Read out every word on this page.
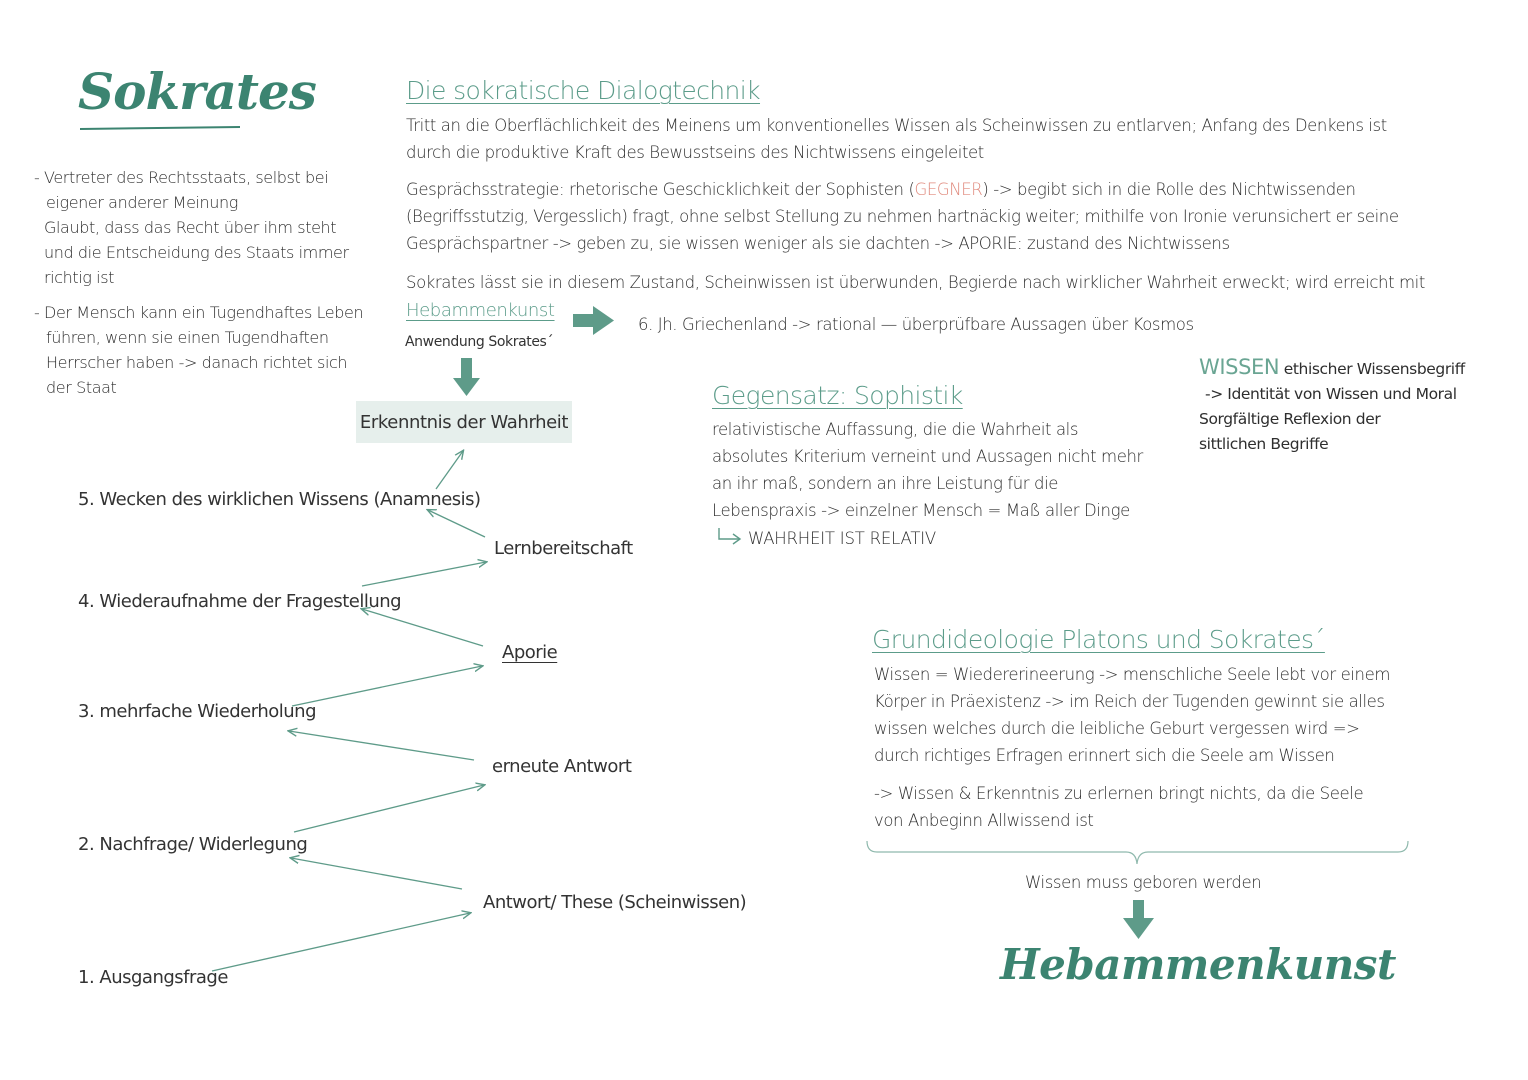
Sokrates
- Vertreter des Rechtsstaats, selbst bei eigener anderer Meinung
Glaubt, dass das Recht über ihm steht und die Entscheidung des Staats immer richtig ist
- Der Mensch kann ein Tugendhaftes Leben führen, wenn sie einen Tugendhaften Herrscher haben -> danach richtet sich der Staat
Die sokratische Dialogtechnik
Tritt an die Oberflächlichkeit des Meinens um konventionelles Wissen als Scheinwissen zu entlarven; Anfang des Denkens ist durch die produktive Kraft des Bewusstseins des Nichtwissens eingeleitet
Gesprächsstrategie: rhetorische Geschicklichkeit der Sophisten (GEGNER) -> begibt sich in die Rolle des Nichtwissenden (Begriffsstutzig, Vergesslich) fragt, ohne selbst Stellung zu nehmen hartnäckig weiter; mithilfe von Ironie verunsichert er seine Gesprächspartner -> geben zu, sie wissen weniger als sie dachten -> APORIE: zustand des Nichtwissens
Sokrates lässt sie in diesem Zustand, Scheinwissen ist überwunden, Begierde nach wirklicher Wahrheit erweckt; wird erreicht mit
Hebammenkunst
Anwendung Sokrates´
6. Jh. Griechenland -> rational — überprüfbare Aussagen über Kosmos
Erkenntnis der Wahrheit
5. Wecken des wirklichen Wissens (Anamnesis)
4. Wiederaufnahme der Fragestellung
3. mehrfache Wiederholung
2. Nachfrage/ Widerlegung
1. Ausgangsfrage
Lernbereitschaft
Aporie
erneute Antwort
Antwort/ These (Scheinwissen)
Gegensatz: Sophistik
relativistische Auffassung, die die Wahrheit als absolutes Kriterium verneint und Aussagen nicht mehr an ihr maß, sondern an ihre Leistung für die Lebenspraxis -> einzelner Mensch = Maß aller Dinge
WAHRHEIT IST RELATIV
WISSEN ethischer Wissensbegriff
-> Identität von Wissen und Moral
Sorgfältige Reflexion der sittlichen Begriffe
Grundideologie Platons und Sokrates´
Wissen = Wiedererineerung -> menschliche Seele lebt vor einem Körper in Präexistenz -> im Reich der Tugenden gewinnt sie alles wissen welches durch die leibliche Geburt vergessen wird => durch richtiges Erfragen erinnert sich die Seele am Wissen
-> Wissen & Erkenntnis zu erlernen bringt nichts, da die Seele von Anbeginn Allwissend ist
Wissen muss geboren werden
Hebammenkunst
